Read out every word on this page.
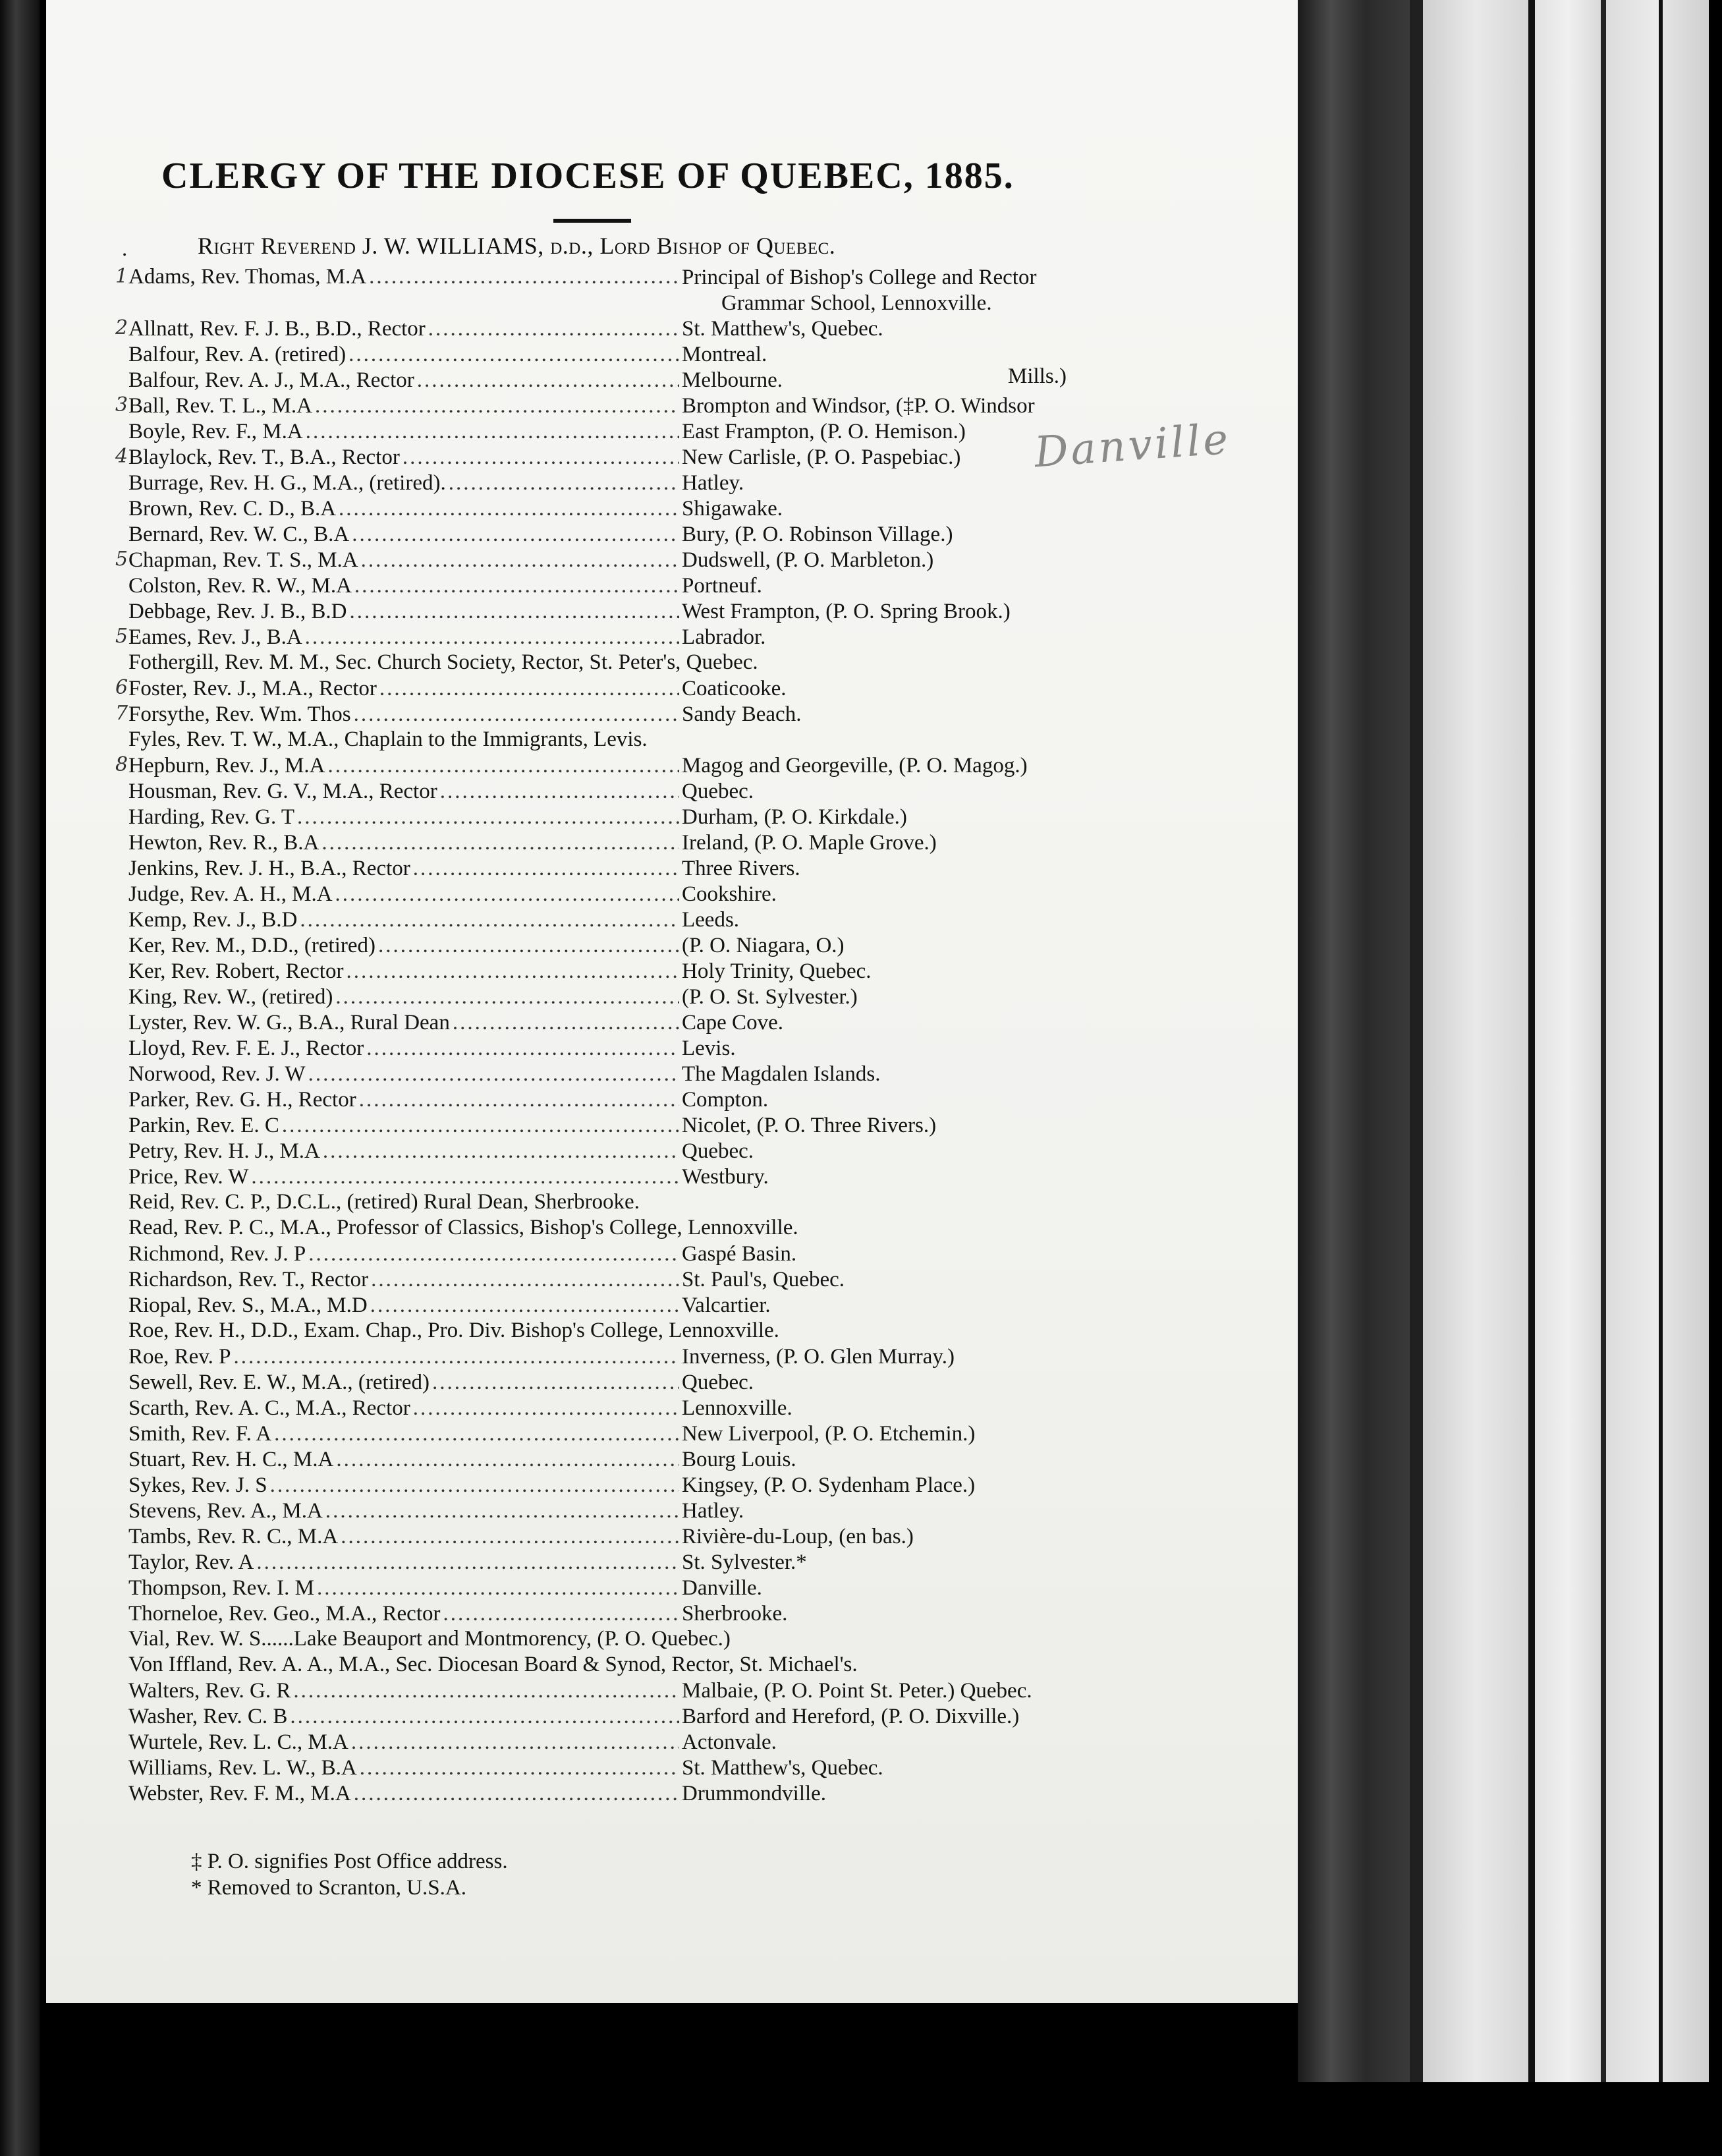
CLERGY OF THE DIOCESE OF QUEBEC, 1885.
Right Reverend J. W. WILLIAMS, d.d., Lord Bishop of Quebec.
.
1 Adams, Rev. Thomas, M.A .....	Principal of Bishop's College and Rector
Grammar School, Lennoxville.
2 Allnatt, Rev. F. J. B., B.D., Rector .....	St. Matthew's, Quebec.
Balfour, Rev. A. (retired) .....	Montreal.
Balfour, Rev. A. J., M.A., Rector .....	Melbourne.
3 Ball, Rev. T. L., M.A .....	Brompton and Windsor, (‡P. O. Windsor
Boyle, Rev. F., M.A .....	East Frampton, (P. O. Hemison.)
4 Blaylock, Rev. T., B.A., Rector .....	New Carlisle, (P. O. Paspebiac.)
Burrage, Rev. H. G., M.A., (retired). .....	Hatley.
Brown, Rev. C. D., B.A .....	Shigawake.
Bernard, Rev. W. C., B.A .....	Bury, (P. O. Robinson Village.)
5 Chapman, Rev. T. S., M.A .....	Dudswell, (P. O. Marbleton.)
Colston, Rev. R. W., M.A .....	Portneuf.
Debbage, Rev. J. B., B.D .....	West Frampton, (P. O. Spring Brook.)
5 Eames, Rev. J., B.A .....	Labrador.
Fothergill, Rev. M. M., Sec. Church Society, Rector, St. Peter's, Quebec.
6 Foster, Rev. J., M.A., Rector .....	Coaticooke.
7 Forsythe, Rev. Wm. Thos .....	Sandy Beach.
Fyles, Rev. T. W., M.A., Chaplain to the Immigrants, Levis.
8 Hepburn, Rev. J., M.A .....	Magog and Georgeville, (P. O. Magog.)
Housman, Rev. G. V., M.A., Rector .....	Quebec.
Harding, Rev. G. T .....	Durham, (P. O. Kirkdale.)
Hewton, Rev. R., B.A .....	Ireland, (P. O. Maple Grove.)
Jenkins, Rev. J. H., B.A., Rector .....	Three Rivers.
Judge, Rev. A. H., M.A .....	Cookshire.
Kemp, Rev. J., B.D .....	Leeds.
Ker, Rev. M., D.D., (retired) .....	(P. O. Niagara, O.)
Ker, Rev. Robert, Rector .....	Holy Trinity, Quebec.
King, Rev. W., (retired) .....	(P. O. St. Sylvester.)
Lyster, Rev. W. G., B.A., Rural Dean .....	Cape Cove.
Lloyd, Rev. F. E. J., Rector .....	Levis.
Norwood, Rev. J. W .....	The Magdalen Islands.
Parker, Rev. G. H., Rector .....	Compton.
Parkin, Rev. E. C .....	Nicolet, (P. O. Three Rivers.)
Petry, Rev. H. J., M.A .....	Quebec.
Price, Rev. W .....	Westbury.
Reid, Rev. C. P., D.C.L., (retired) Rural Dean, Sherbrooke.
Read, Rev. P. C., M.A., Professor of Classics, Bishop's College, Lennoxville.
Richmond, Rev. J. P .....	Gaspé Basin.
Richardson, Rev. T., Rector .....	St. Paul's, Quebec.
Riopal, Rev. S., M.A., M.D .....	Valcartier.
Roe, Rev. H., D.D., Exam. Chap., Pro. Div. Bishop's College, Lennoxville.
Roe, Rev. P .....	Inverness, (P. O. Glen Murray.)
Sewell, Rev. E. W., M.A., (retired) .....	Quebec.
Scarth, Rev. A. C., M.A., Rector .....	Lennoxville.
Smith, Rev. F. A .....	New Liverpool, (P. O. Etchemin.)
Stuart, Rev. H. C., M.A .....	Bourg Louis.
Sykes, Rev. J. S .....	Kingsey, (P. O. Sydenham Place.)
Stevens, Rev. A., M.A .....	Hatley.
Tambs, Rev. R. C., M.A .....	Rivière-du-Loup, (en bas.)
Taylor, Rev. A .....	St. Sylvester.*
Thompson, Rev. I. M .....	Danville.
Thorneloe, Rev. Geo., M.A., Rector .....	Sherbrooke.
Vial, Rev. W. S......Lake Beauport and Montmorency, (P. O. Quebec.)
Von Iffland, Rev. A. A., M.A., Sec. Diocesan Board & Synod, Rector, St. Michael's.
Walters, Rev. G. R .....	Malbaie, (P. O. Point St. Peter.) Quebec.
Washer, Rev. C. B .....	Barford and Hereford, (P. O. Dixville.)
Wurtele, Rev. L. C., M.A .....	Actonvale.
Williams, Rev. L. W., B.A .....	St. Matthew's, Quebec.
Webster, Rev. F. M., M.A .....	Drummondville.
Mills.)
Danville
‡ P. O. signifies Post Office address.
* Removed to Scranton, U.S.A.
